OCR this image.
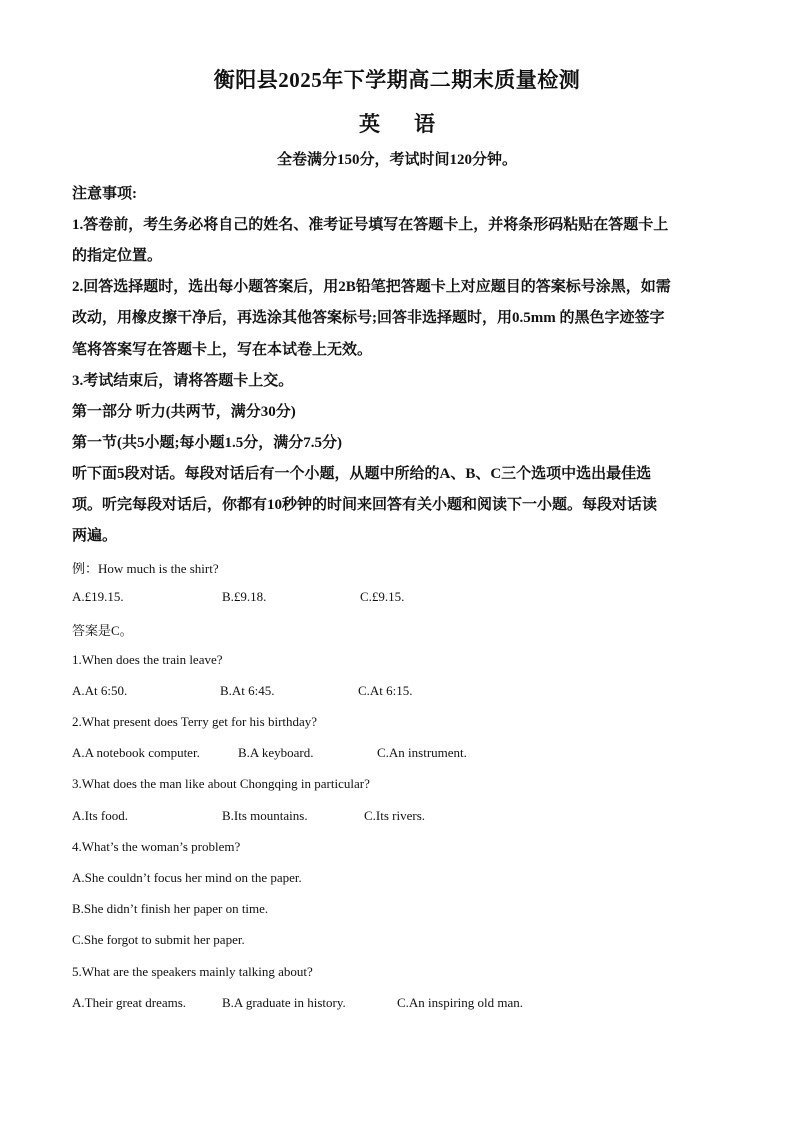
衡阳县2025年下学期高二期末质量检测
英语
全卷满分150分，考试时间120分钟。
注意事项:
1.答卷前，考生务必将自己的姓名、准考证号填写在答题卡上，并将条形码粘贴在答题卡上
的指定位置。
2.回答选择题时，选出每小题答案后，用2B铅笔把答题卡上对应题目的答案标号涂黑，如需
改动，用橡皮擦干净后，再选涂其他答案标号;回答非选择题时，用0.5mm 的黑色字迹签字
笔将答案写在答题卡上，写在本试卷上无效。
3.考试结束后，请将答题卡上交。
第一部分 听力(共两节，满分30分)
第一节(共5小题;每小题1.5分，满分7.5分)
听下面5段对话。每段对话后有一个小题，从题中所给的A、B、C三个选项中选出最佳选
项。听完每段对话后，你都有10秒钟的时间来回答有关小题和阅读下一小题。每段对话读
两遍。
例：How much is the shirt?
A.£19.15.	B.£9.18.	C.£9.15.
答案是C。
1.When does the train leave?
A.At 6:50.	B.At 6:45.	C.At 6:15.
2.What present does Terry get for his birthday?
A.A notebook computer.	B.A keyboard.	C.An instrument.
3.What does the man like about Chongqing in particular?
A.Its food.	B.Its mountains.	C.Its rivers.
4.What’s the woman’s problem?
A.She couldn’t focus her mind on the paper.
B.She didn’t finish her paper on time.
C.She forgot to submit her paper.
5.What are the speakers mainly talking about?
A.Their great dreams.	B.A graduate in history.	C.An inspiring old man.
